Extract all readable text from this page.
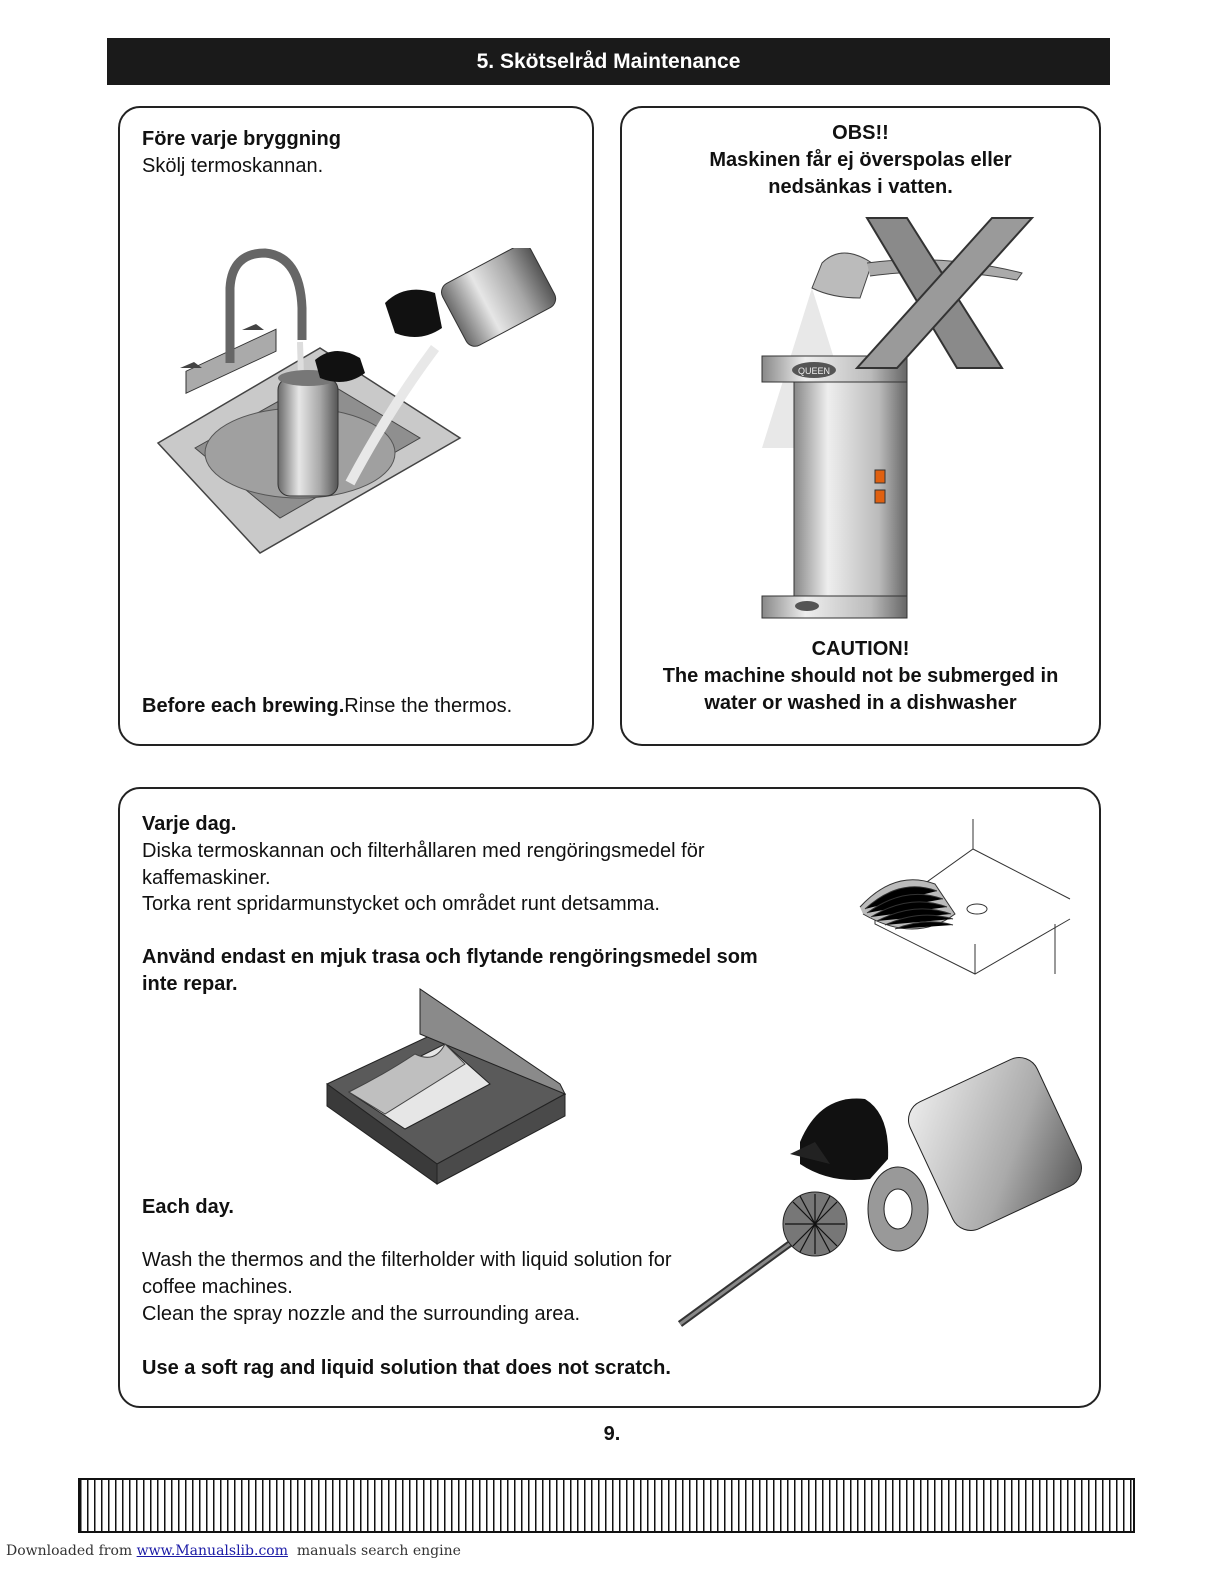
5. Skötselråd Maintenance
Före varje bryggning
Skölj termoskannan.
Before each brewing.Rinse the thermos.
OBS!!
Maskinen får ej överspolas eller
nedsänkas i vatten.
QUEEN
CAUTION!
The machine should not be submerged in
water or washed in a dishwasher
Varje dag.
Diska termoskannan och filterhållaren med rengöringsmedel för
kaffemaskiner.
Torka rent spridarmunstycket och området runt detsamma.
Använd endast en mjuk trasa och flytande rengöringsmedel som
inte repar.
Each day.
Wash the thermos and the filterholder with liquid solution for
coffee machines.
Clean the spray nozzle and the surrounding area.
Use a soft rag and liquid solution that does not scratch.
9.
Downloaded from www.Manualslib.com manuals search engine
